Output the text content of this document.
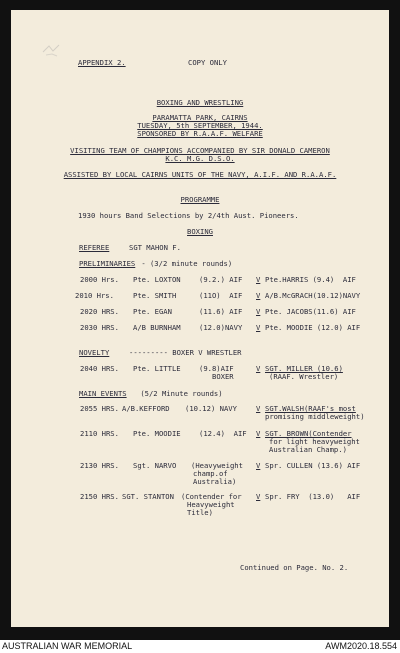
APPENDIX 2.	COPY ONLY
BOXING AND WRESTLING
PARAMATTA PARK, CAIRNS
TUESDAY, 5th SEPTEMBER, 1944.
SPONSORED BY R.A.A.F. WELFARE
VISITING TEAM OF CHAMPIONS ACCOMPANIED BY SIR DONALD CAMERON
K.C. M.G. D.S.O.
ASSISTED BY LOCAL CAIRNS UNITS OF THE NAVY, A.I.F. AND R.A.A.F.
PROGRAMME
1930 hours Band Selections by 2/4th Aust. Pioneers.
BOXING
REFEREE	SGT MAHON F.
PRELIMINARIES - (3/2 minute rounds)
2000 Hrs. Pte. LOXTON	(9.2.) AIF V Pte.HARRIS (9.4)  AIF
2010 Hrs.	Pte. SMITH	(11O)  AIF V A/B.McGRACH(10.12)NAVY
2020 HRS. Pte. EGAN	(11.6) AIF V Pte. JACOBS(11.6) AIF
2030 HRS. A/B BURNHAM	(12.0)NAVY V Pte. MOODIE (12.0) AIF
NOVELTY	--------- BOXER V WRESTLER
2040 HRS. Pte. LITTLE	(9.8)AIF
BOXER
V SGT. MILLER (10.6)
(RAAF. Wrestler)
MAIN EVENTS (5/2 Minute rounds)
2055 HRS. A/B.KEFFORD (10.12) NAVY	V SGT.WALSH(RAAF's most
promising middleweight)
2110 HRS. Pte. MOODIE	(12.4)  AIF V SGT. BROWN(Contender
for light heavyweight
Australian Champ.)
2130 HRS. Sgt. NARVO (Heavyweight
champ.of
Australia)
V Spr. CULLEN (13.6) AIF
2150 HRS. SGT. STANTON (Contender for
Heavyweight
Title)
V Spr. FRY  (13.0)   AIF
Continued on Page. No. 2.
AUSTRALIAN WAR MEMORIAL	AWM2020.18.554
